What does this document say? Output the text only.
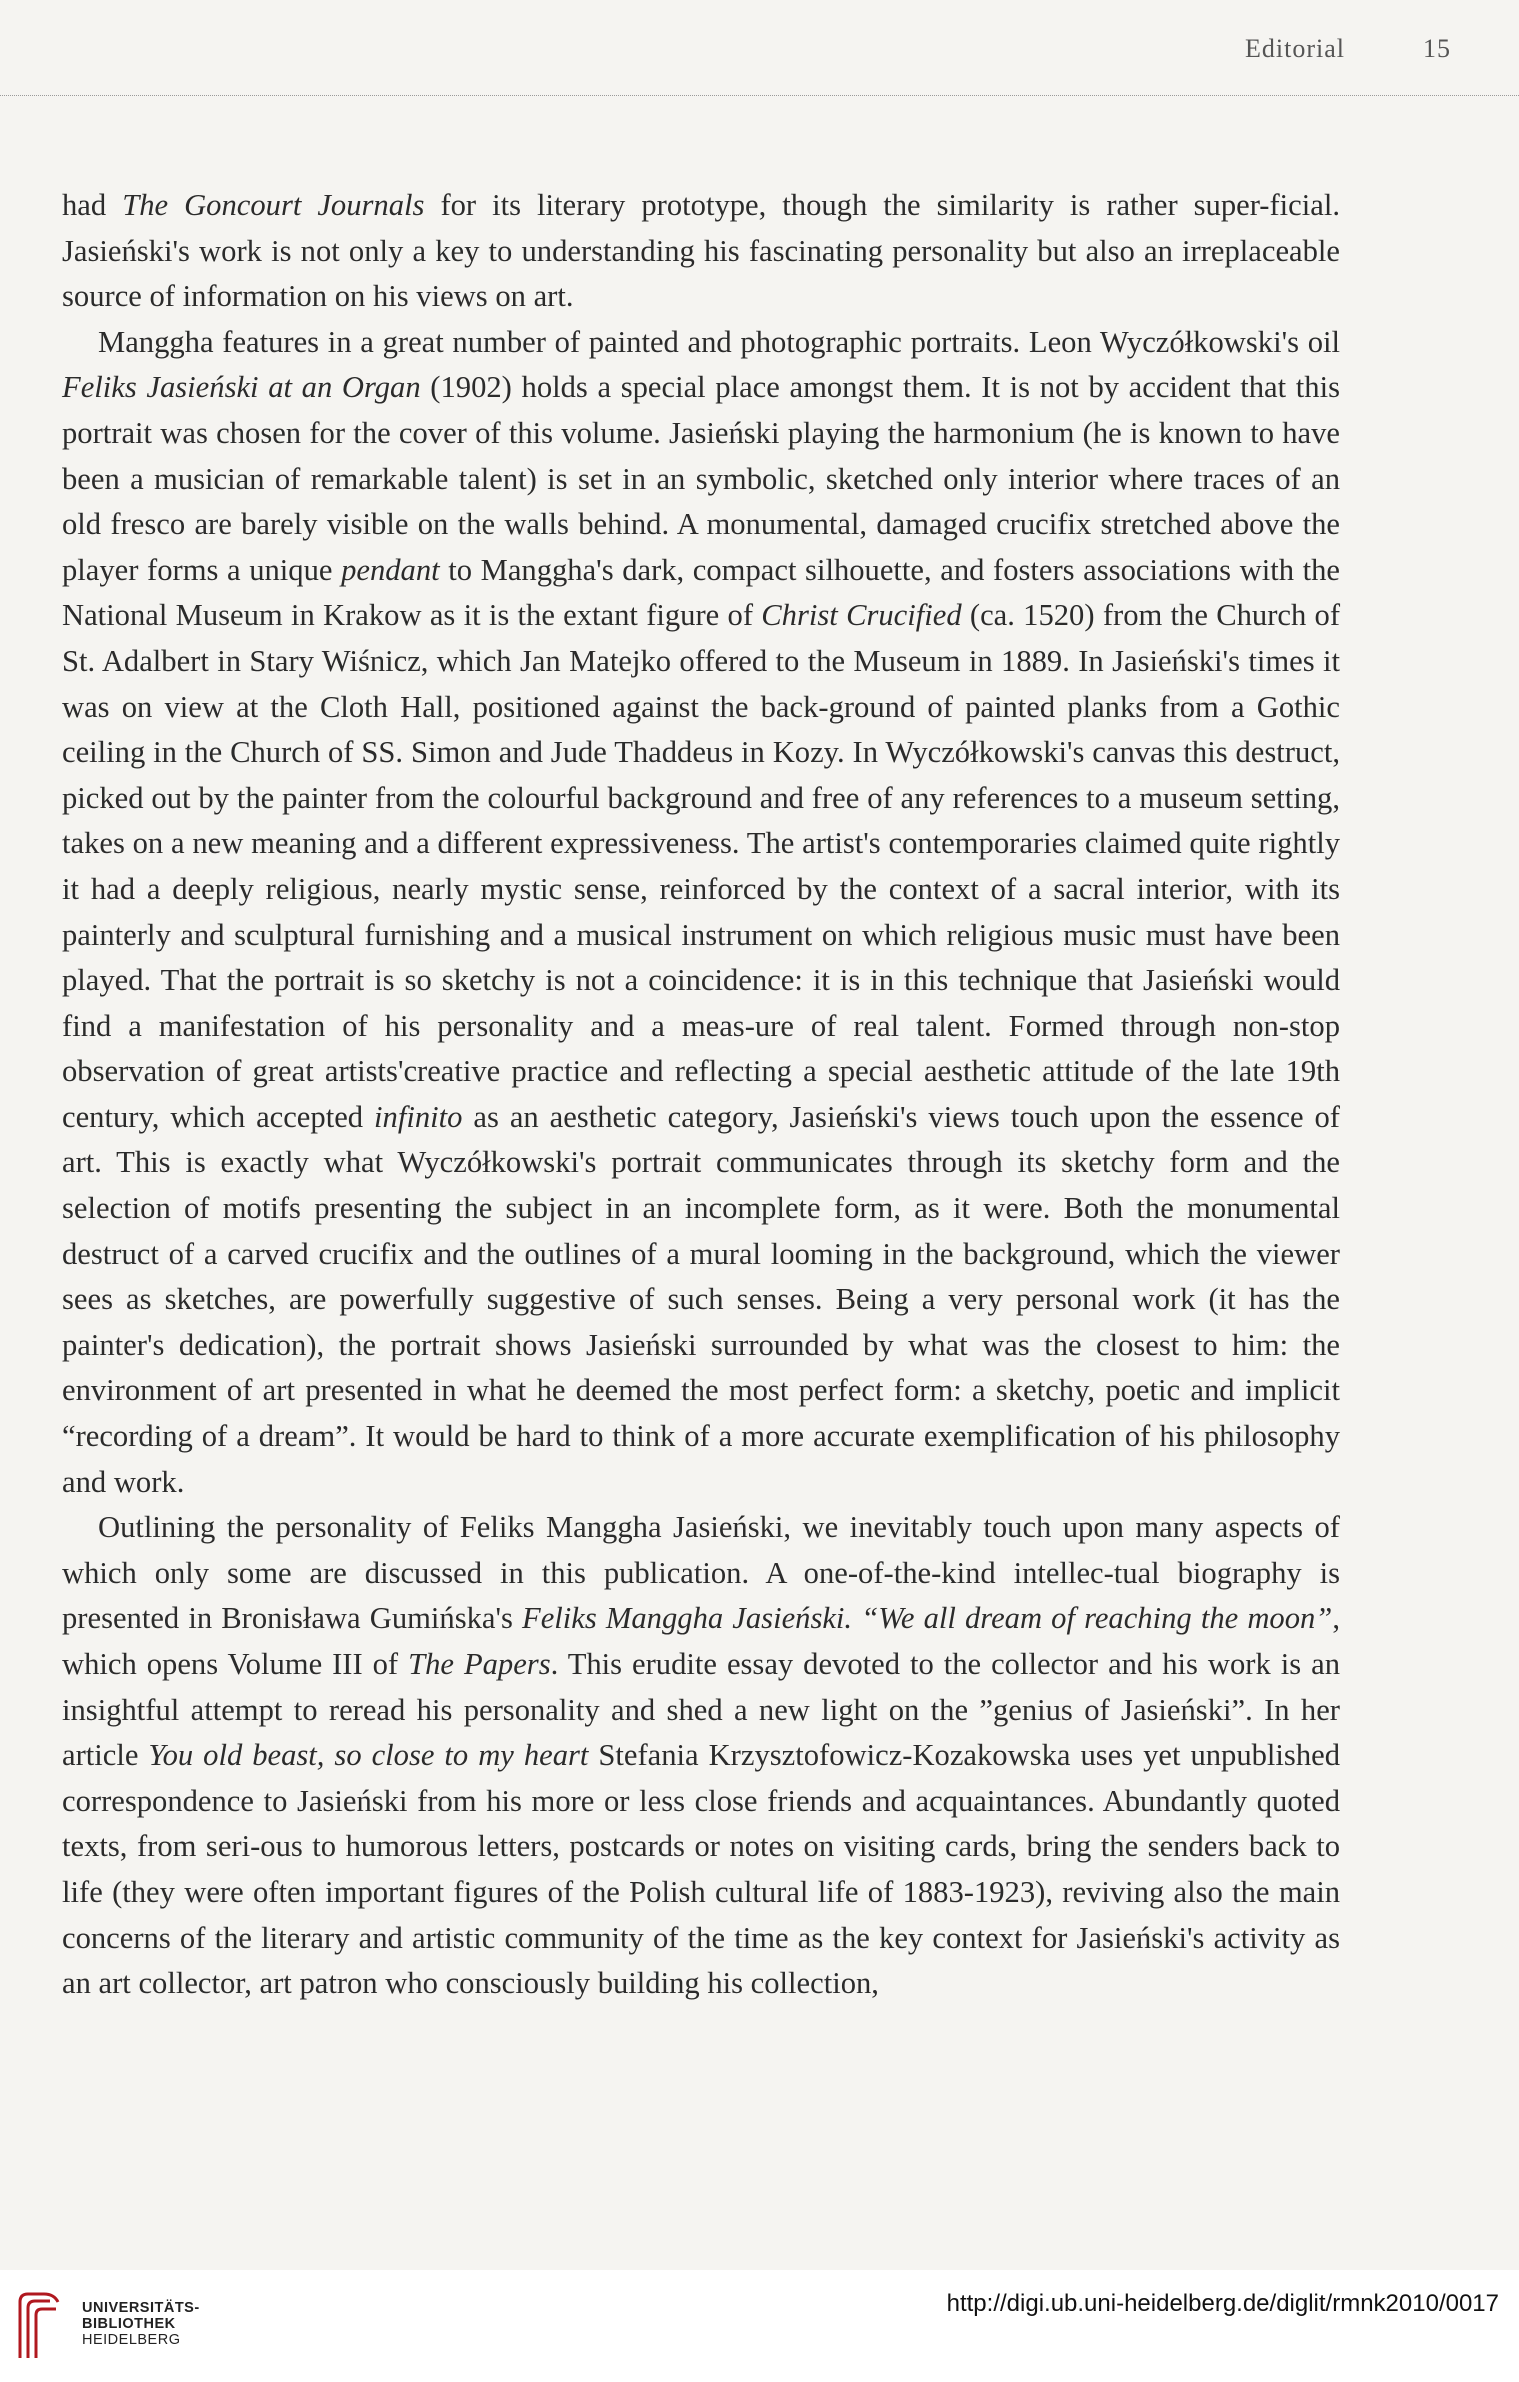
Editorial	15

had The Goncourt Journals for its literary prototype, though the similarity is rather super-ficial. Jasieński's work is not only a key to understanding his fascinating personality but also an irreplaceable source of information on his views on art.

Manggha features in a great number of painted and photographic portraits. Leon Wyczółkowski's oil Feliks Jasieński at an Organ (1902) holds a special place amongst them. It is not by accident that this portrait was chosen for the cover of this volume. Jasieński playing the harmonium (he is known to have been a musician of remarkable talent) is set in an symbolic, sketched only interior where traces of an old fresco are barely visible on the walls behind. A monumental, damaged crucifix stretched above the player forms a unique pendant to Manggha's dark, compact silhouette, and fosters associations with the National Museum in Krakow as it is the extant figure of Christ Crucified (ca. 1520) from the Church of St. Adalbert in Stary Wiśnicz, which Jan Matejko offered to the Museum in 1889. In Jasieński's times it was on view at the Cloth Hall, positioned against the back-ground of painted planks from a Gothic ceiling in the Church of SS. Simon and Jude Thaddeus in Kozy. In Wyczółkowski's canvas this destruct, picked out by the painter from the colourful background and free of any references to a museum setting, takes on a new meaning and a different expressiveness. The artist's contemporaries claimed quite rightly it had a deeply religious, nearly mystic sense, reinforced by the context of a sacral interior, with its painterly and sculptural furnishing and a musical instrument on which religious music must have been played. That the portrait is so sketchy is not a coincidence: it is in this technique that Jasieński would find a manifestation of his personality and a meas-ure of real talent. Formed through non-stop observation of great artists'creative practice and reflecting a special aesthetic attitude of the late 19th century, which accepted infinito as an aesthetic category, Jasieński's views touch upon the essence of art. This is exactly what Wyczółkowski's portrait communicates through its sketchy form and the selection of motifs presenting the subject in an incomplete form, as it were. Both the monumental destruct of a carved crucifix and the outlines of a mural looming in the background, which the viewer sees as sketches, are powerfully suggestive of such senses. Being a very personal work (it has the painter's dedication), the portrait shows Jasieński surrounded by what was the closest to him: the environment of art presented in what he deemed the most perfect form: a sketchy, poetic and implicit “recording of a dream”. It would be hard to think of a more accurate exemplification of his philosophy and work.

Outlining the personality of Feliks Manggha Jasieński, we inevitably touch upon many aspects of which only some are discussed in this publication. A one-of-the-kind intellec-tual biography is presented in Bronisława Gumińska's Feliks Manggha Jasieński. “We all dream of reaching the moon”, which opens Volume III of The Papers. This erudite essay devoted to the collector and his work is an insightful attempt to reread his personality and shed a new light on the ”genius of Jasieński”. In her article You old beast, so close to my heart Stefania Krzysztofowicz-Kozakowska uses yet unpublished correspondence to Jasieński from his more or less close friends and acquaintances. Abundantly quoted texts, from seri-ous to humorous letters, postcards or notes on visiting cards, bring the senders back to life (they were often important figures of the Polish cultural life of 1883-1923), reviving also the main concerns of the literary and artistic community of the time as the key context for Jasieński's activity as an art collector, art patron who consciously building his collection,

UNIVERSITÄTS-
BIBLIOTHEK
HEIDELBERG
http://digi.ub.uni-heidelberg.de/diglit/rmnk2010/0017
